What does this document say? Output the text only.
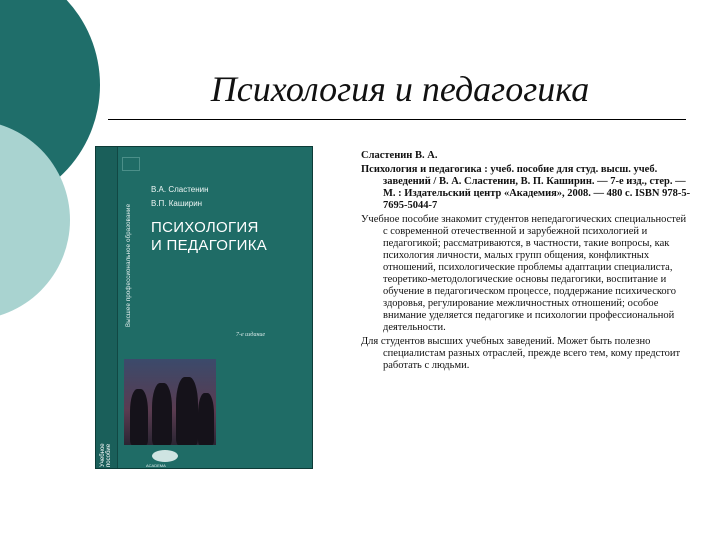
Психология и педагогика
Учебное пособие
Высшее профессиональное образование
В.А. Сластенин
В.П. Каширин
ПСИХОЛОГИЯ
И ПЕДАГОГИКА
7-е издание
ACADEMA
Сластенин В. А.
Психология и педагогика : учеб. пособие для студ. высш. учеб. заведений / В. А. Сластенин, В. П. Каширин. — 7-е изд., стер. — М. : Издательский центр «Академия», 2008. — 480 с. ISBN 978-5-7695-5044-7
Учебное пособие знакомит студентов непедагогических специальностей с современной отечественной и зарубежной психологией и педагогикой; рассматриваются, в частности, такие вопросы, как психология личности, малых групп общения, конфликтных отношений, психологические проблемы адаптации специалиста, теоретико-методологические основы педагогики, воспитание и обучение в педагогическом процессе, поддержание психического здоровья, регулирование межличностных отношений; особое внимание уделяется педагогике и психологии профессиональной деятельности.
Для студентов высших учебных заведений. Может быть полезно специалистам разных отраслей, прежде всего тем, кому предстоит работать с людьми.
